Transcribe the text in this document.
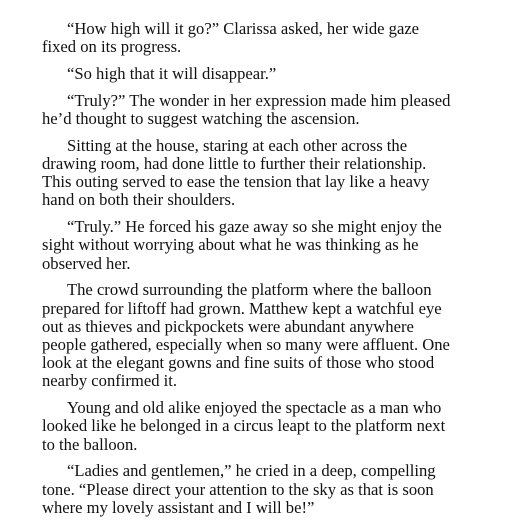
“How high will it go?” Clarissa asked, her wide gaze fixed on its progress.

“So high that it will disappear.”

“Truly?” The wonder in her expression made him pleased he’d thought to suggest watching the ascension.

Sitting at the house, staring at each other across the drawing room, had done little to further their relationship. This outing served to ease the tension that lay like a heavy hand on both their shoulders.

“Truly.” He forced his gaze away so she might enjoy the sight without worrying about what he was thinking as he observed her.

The crowd surrounding the platform where the balloon prepared for liftoff had grown. Matthew kept a watchful eye out as thieves and pickpockets were abundant anywhere people gathered, especially when so many were affluent. One look at the elegant gowns and fine suits of those who stood nearby confirmed it.

Young and old alike enjoyed the spectacle as a man who looked like he belonged in a circus leapt to the platform next to the balloon.

“Ladies and gentlemen,” he cried in a deep, compelling tone. “Please direct your attention to the sky as that is soon where my lovely assistant and I will be!”
